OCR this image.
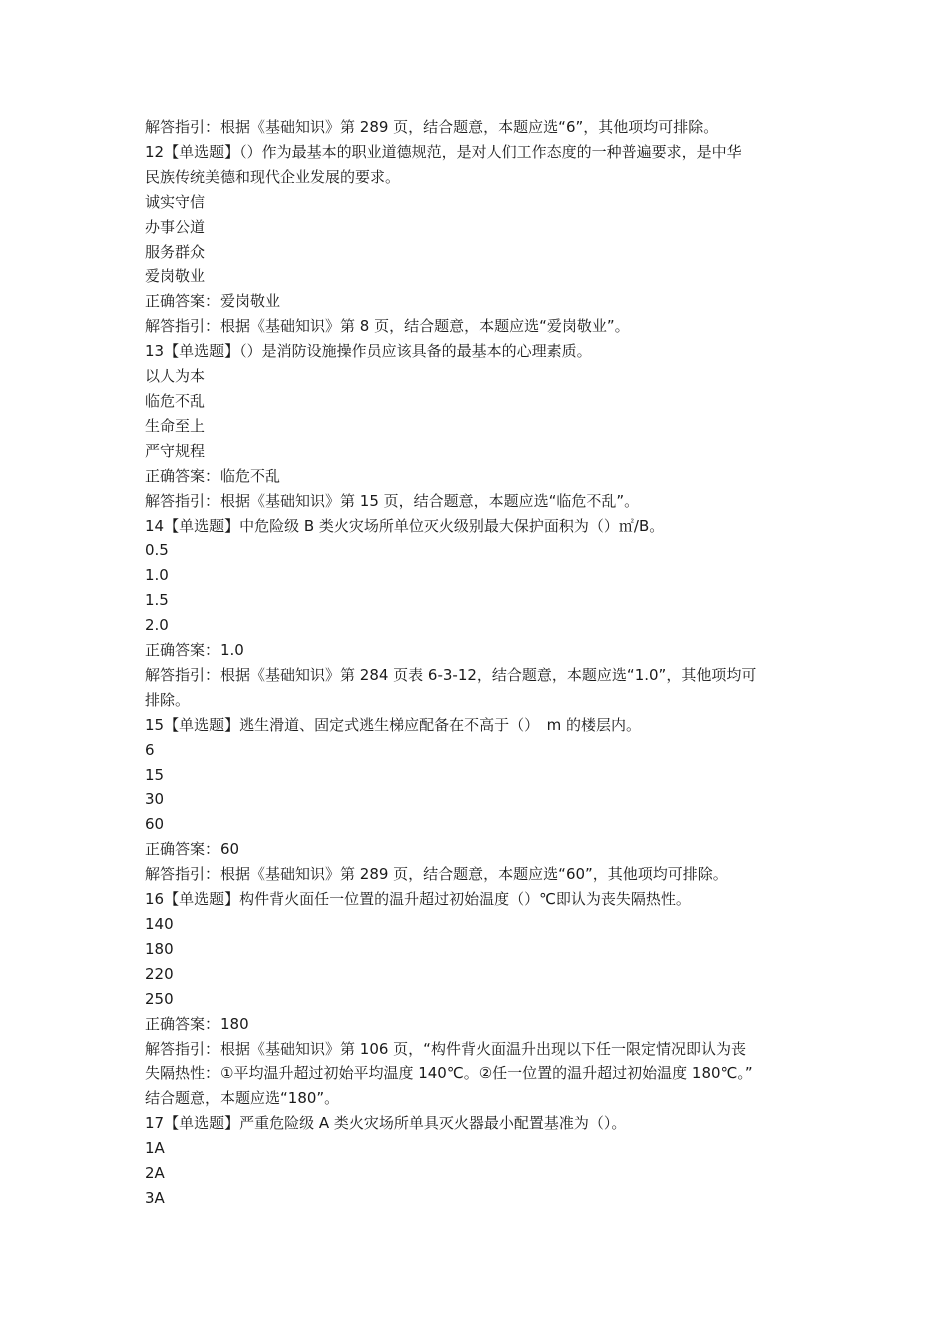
解答指引：根据《基础知识》第 289 页，结合题意，本题应选“6”，其他项均可排除。

12【单选题】（）作为最基本的职业道德规范，是对人们工作态度的一种普遍要求，是中华

民族传统美德和现代企业发展的要求。

诚实守信

办事公道

服务群众

爱岗敬业

正确答案：爱岗敬业

解答指引：根据《基础知识》第 8 页，结合题意，本题应选“爱岗敬业”。

13【单选题】（）是消防设施操作员应该具备的最基本的心理素质。

以人为本

临危不乱

生命至上

严守规程

正确答案：临危不乱

解答指引：根据《基础知识》第 15 页，结合题意，本题应选“临危不乱”。

14【单选题】中危险级 B 类火灾场所单位灭火级别最大保护面积为（）㎡/B。

0.5

1.0

1.5

2.0

正确答案：1.0

解答指引：根据《基础知识》第 284 页表 6-3-12，结合题意，本题应选“1.0”，其他项均可

排除。

15【单选题】逃生滑道、固定式逃生梯应配备在不高于（）　m 的楼层内。

6

15

30

60

正确答案：60

解答指引：根据《基础知识》第 289 页，结合题意，本题应选“60”，其他项均可排除。

16【单选题】构件背火面任一位置的温升超过初始温度（）℃即认为丧失隔热性。

140

180

220

250

正确答案：180

解答指引：根据《基础知识》第 106 页，“构件背火面温升出现以下任一限定情况即认为丧

失隔热性：①平均温升超过初始平均温度 140℃。②任一位置的温升超过初始温度 180℃。”

结合题意，本题应选“180”。

17【单选题】严重危险级 A 类火灾场所单具灭火器最小配置基准为（）。

1A

2A

3A
